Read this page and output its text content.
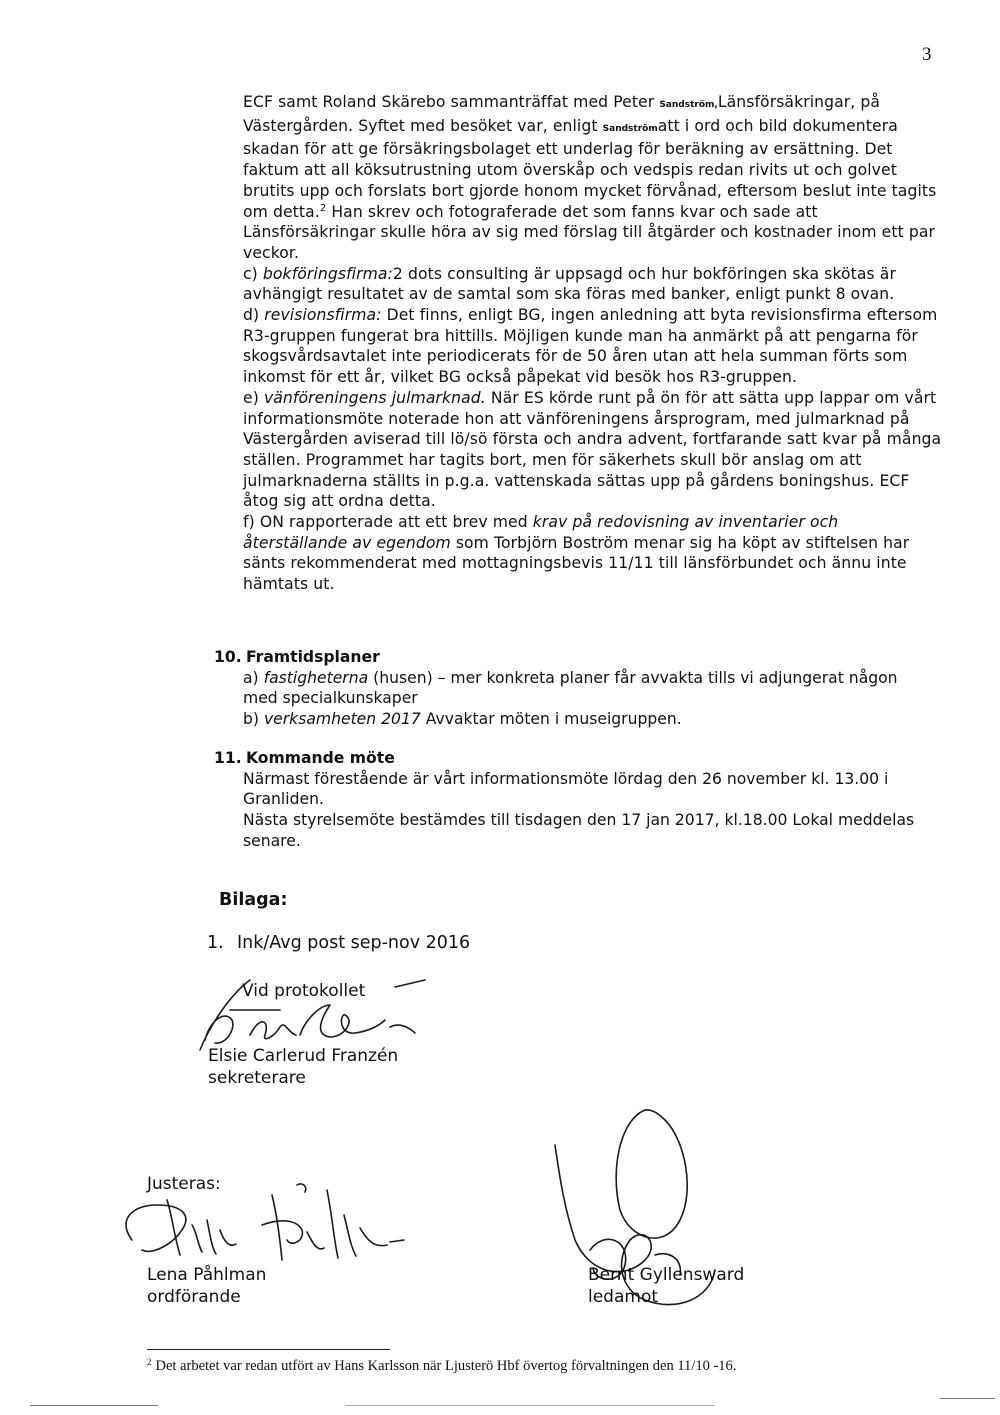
3

ECF samt Roland Skärebo sammanträffat med Peter Sandström,Länsförsäkringar, på Västergården. Syftet med besöket var, enligt Sandströmatt i ord och bild dokumentera skadan för att ge försäkringsbolaget ett underlag för beräkning av ersättning. Det faktum att all köksutrustning utom överskåp och vedspis redan rivits ut och golvet brutits upp och forslats bort gjorde honom mycket förvånad, eftersom beslut inte tagits om detta.$^2$ Han skrev och fotograferade det som fanns kvar och sade att Länsförsäkringar skulle höra av sig med förslag till åtgärder och kostnader inom ett par veckor.

c) bokföringsfirma:2 dots consulting är uppsagd och hur bokföringen ska skötas är avhängigt resultatet av de samtal som ska föras med banker, enligt punkt 8 ovan.

d) revisionsfirma: Det finns, enligt BG, ingen anledning att byta revisionsfirma eftersom R3-gruppen fungerat bra hittills. Möjligen kunde man ha anmärkt på att pengarna för skogsvårdsavtalet inte periodicerats för de 50 åren utan att hela summan förts som inkomst för ett år, vilket BG också påpekat vid besök hos R3-gruppen.

e) vänföreningens julmarknad. När ES körde runt på ön för att sätta upp lappar om vårt informationsmöte noterade hon att vänföreningens årsprogram, med julmarknad på Västergården aviserad till lö/sö första och andra advent, fortfarande satt kvar på många ställen. Programmet har tagits bort, men för säkerhets skull bör anslag om att julmarknaderna ställts in p.g.a. vattenskada sättas upp på gårdens boningshus. ECF åtog sig att ordna detta.

f) ON rapporterade att ett brev med krav på redovisning av inventarier och återställande av egendom som Torbjörn Boström menar sig ha köpt av stiftelsen har sänts rekommenderat med mottagningsbevis 11/11 till länsförbundet och ännu inte hämtats ut.

10. Framtidsplaner

a) fastigheterna (husen) – mer konkreta planer får avvakta tills vi adjungerat någon med specialkunskaper

b) verksamheten 2017 Avvaktar möten i museigruppen.

11. Kommande möte

Närmast förestående är vårt informationsmöte lördag den 26 november kl. 13.00 i Granliden.

Nästa styrelsemöte bestämdes till tisdagen den 17 jan 2017, kl.18.00 Lokal meddelas senare.

Bilaga:
1. Ink/Avg post sep-nov 2016
Vid protokollet
Elsie Carlerud Franzén
sekreterare
Justeras:
Lena Påhlman
ordförande
Bernt Gyllensward
ledamot
$^2$ Det arbetet var redan utfört av Hans Karlsson när Ljusterö Hbf övertog förvaltningen den 11/10 -16.
